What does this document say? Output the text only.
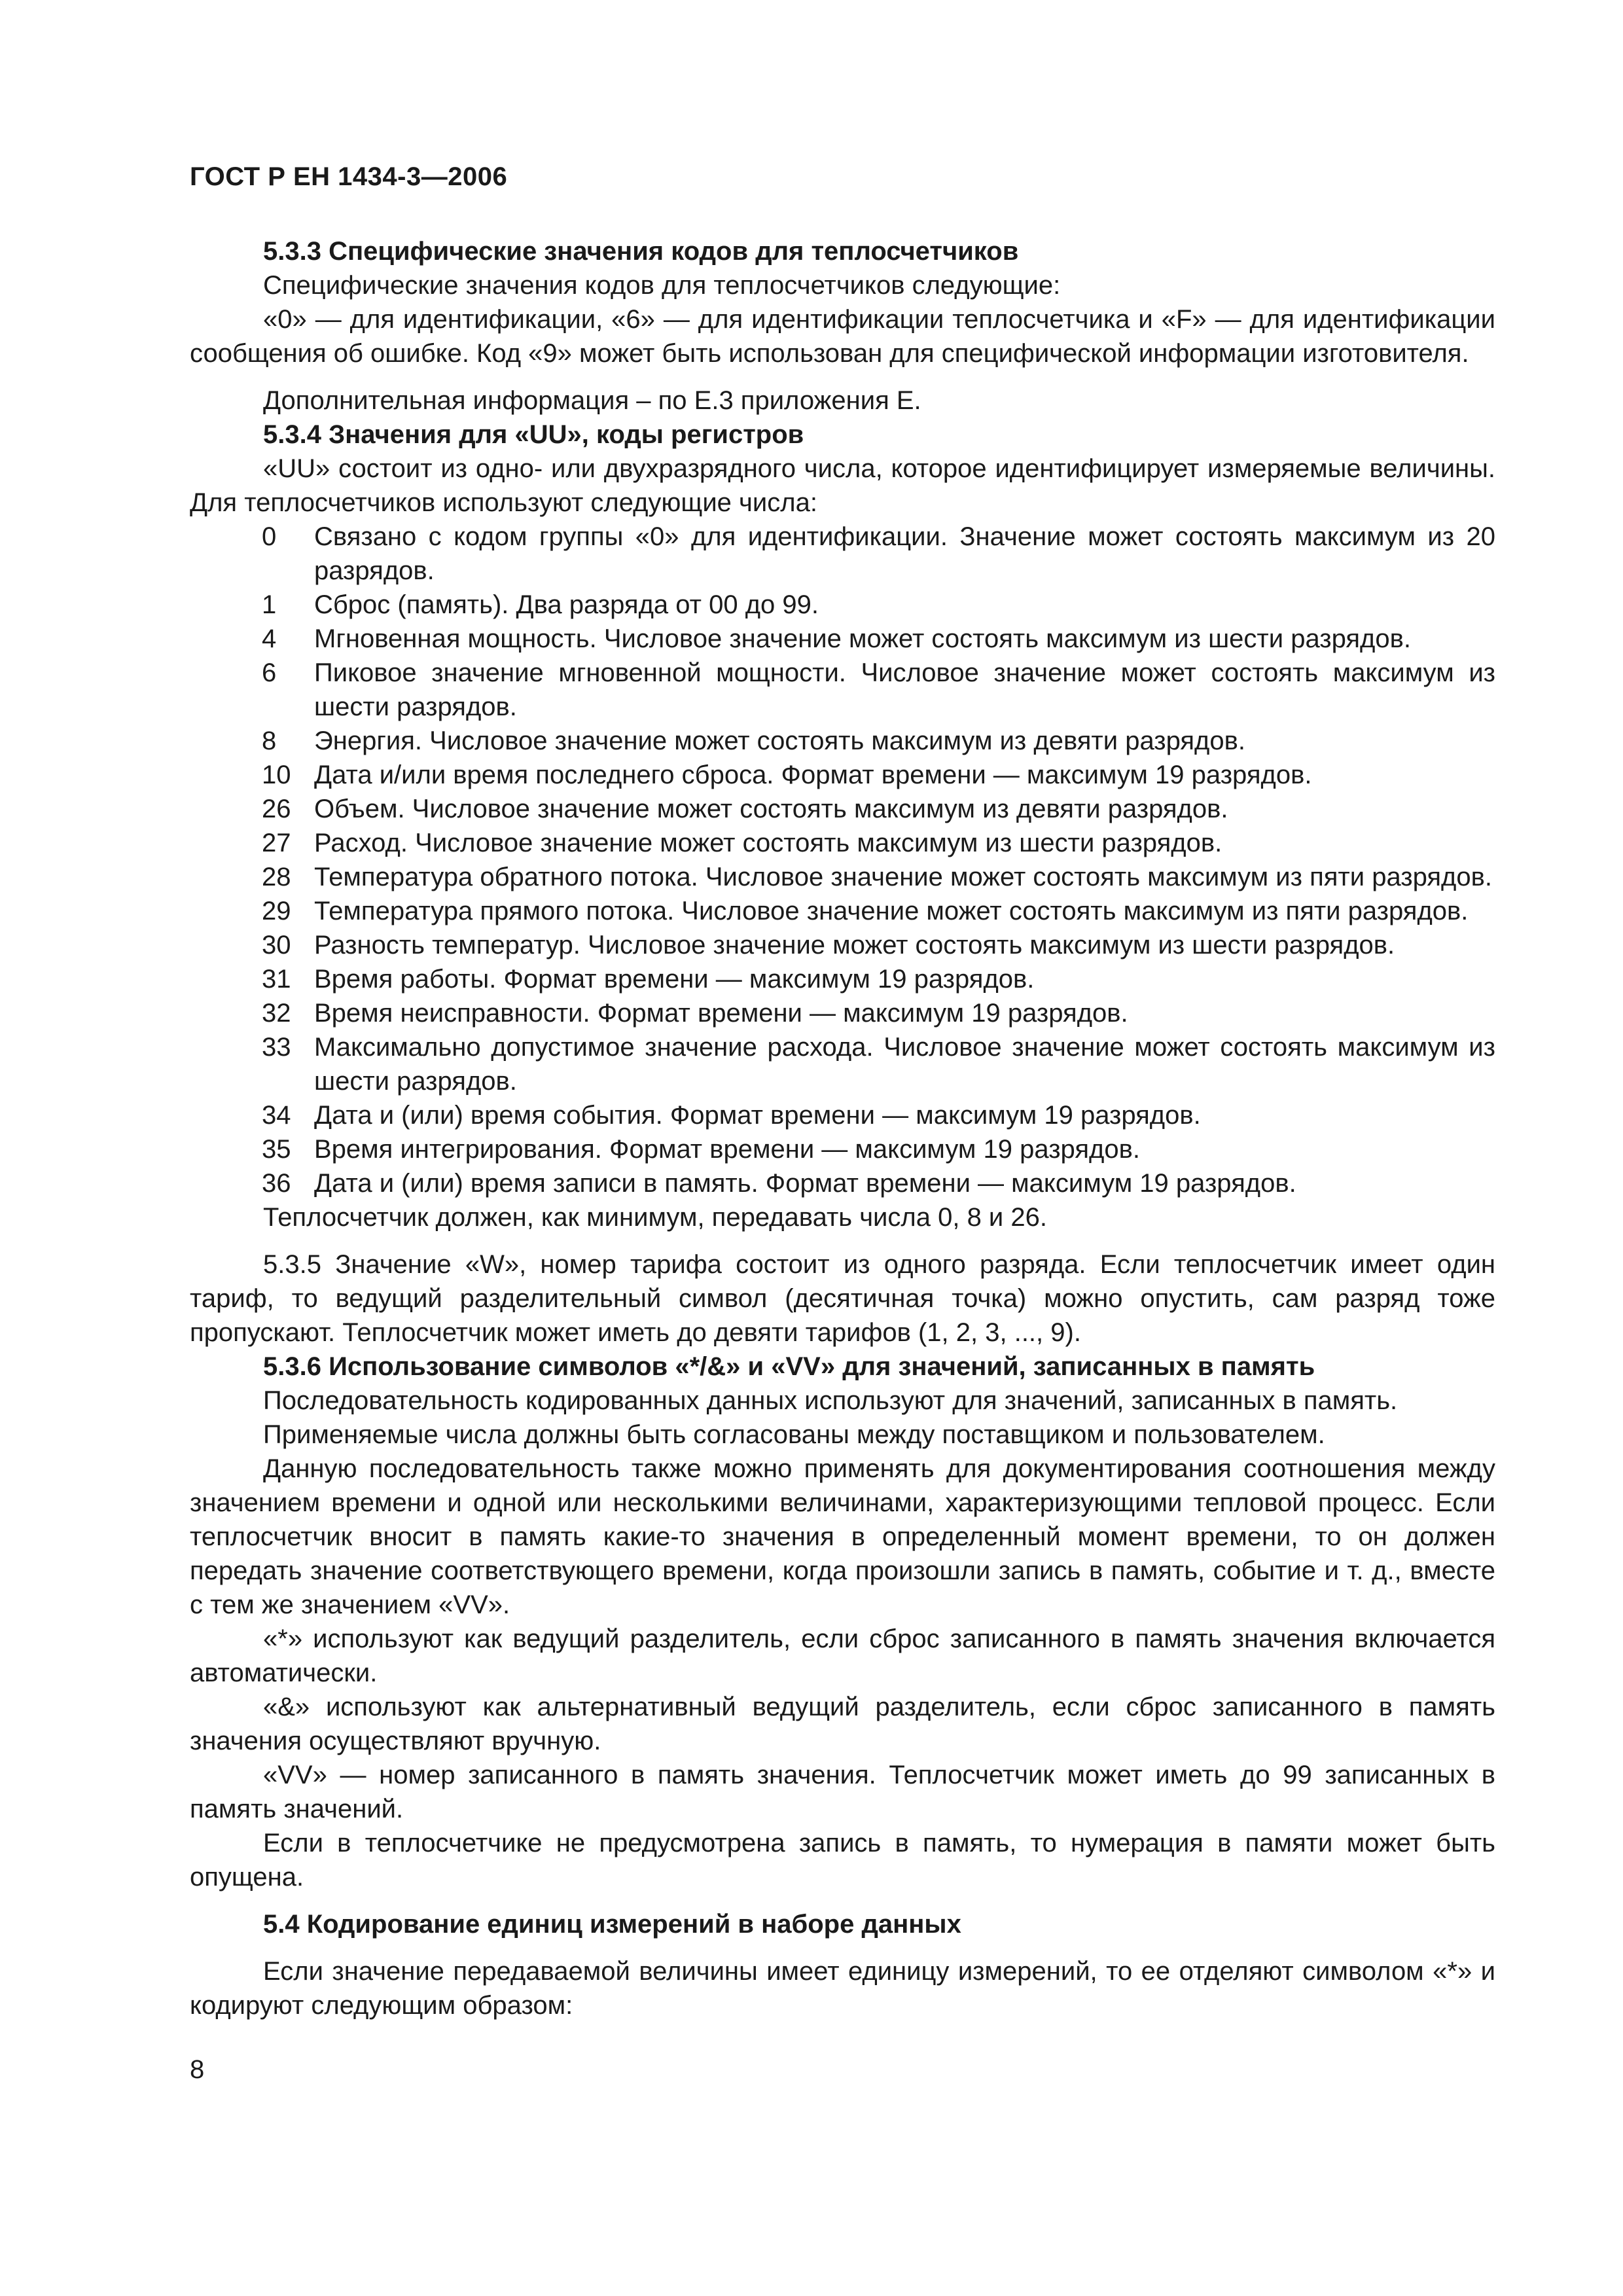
ГОСТ Р ЕН 1434-3—2006
5.3.3 Специфические значения кодов для теплосчетчиков

Специфические значения кодов для теплосчетчиков следующие:

«0» — для идентификации, «6» — для идентификации теплосчетчика и «F» — для идентификации сообщения об ошибке. Код «9» может быть использован для специфической информации изготовителя.

Дополнительная информация – по Е.3 приложения Е.

5.3.4 Значения для «UU», коды регистров

«UU» состоит из одно- или двухразрядного числа, которое идентифицирует измеряемые величины. Для теплосчетчиков используют следующие числа:

0	Связано с кодом группы «0» для идентификации. Значение может состоять максимум из 20 разрядов.
1	Сброс (память). Два разряда от 00 до 99.
4	Мгновенная мощность. Числовое значение может состоять максимум из шести разрядов.
6	Пиковое значение мгновенной мощности. Числовое значение может состоять максимум из шести разрядов.
8	Энергия. Числовое значение может состоять максимум из девяти разрядов.
10 Дата и/или время последнего сброса. Формат времени — максимум 19 разрядов.
26 Объем. Числовое значение может состоять максимум из девяти разрядов.
27 Расход. Числовое значение может состоять максимум из шести разрядов.
28 Температура обратного потока. Числовое значение может состоять максимум из пяти разрядов.
29 Температура прямого потока. Числовое значение может состоять максимум из пяти разрядов.
30 Разность температур. Числовое значение может состоять максимум из шести разрядов.
31 Время работы. Формат времени — максимум 19 разрядов.
32 Время неисправности. Формат времени — максимум 19 разрядов.
33 Максимально допустимое значение расхода. Числовое значение может состоять максимум из шести разрядов.
34 Дата и (или) время события. Формат времени — максимум 19 разрядов.
35 Время интегрирования. Формат времени — максимум 19 разрядов.
36 Дата и (или) время записи в память. Формат времени — максимум 19 разрядов.

Теплосчетчик должен, как минимум, передавать числа 0, 8 и 26.

5.3.5 Значение «W», номер тарифа состоит из одного разряда. Если теплосчетчик имеет один тариф, то ведущий разделительный символ (десятичная точка) можно опустить, сам разряд тоже пропускают. Теплосчетчик может иметь до девяти тарифов (1, 2, 3, ..., 9).

5.3.6 Использование символов «*/&» и «VV» для значений, записанных в память

Последовательность кодированных данных используют для значений, записанных в память.

Применяемые числа должны быть согласованы между поставщиком и пользователем.

Данную последовательность также можно применять для документирования соотношения между значением времени и одной или несколькими величинами, характеризующими тепловой процесс. Если теплосчетчик вносит в память какие-то значения в определенный момент времени, то он должен передать значение соответствующего времени, когда произошли запись в память, событие и т. д., вместе с тем же значением «VV».

«*» используют как ведущий разделитель, если сброс записанного в память значения включается автоматически.

«&» используют как альтернативный ведущий разделитель, если сброс записанного в память значения осуществляют вручную.

«VV» — номер записанного в память значения. Теплосчетчик может иметь до 99 записанных в память значений.

Если в теплосчетчике не предусмотрена запись в память, то нумерация в памяти может быть опущена.

5.4 Кодирование единиц измерений в наборе данных

Если значение передаваемой величины имеет единицу измерений, то ее отделяют символом «*» и кодируют следующим образом:

8
